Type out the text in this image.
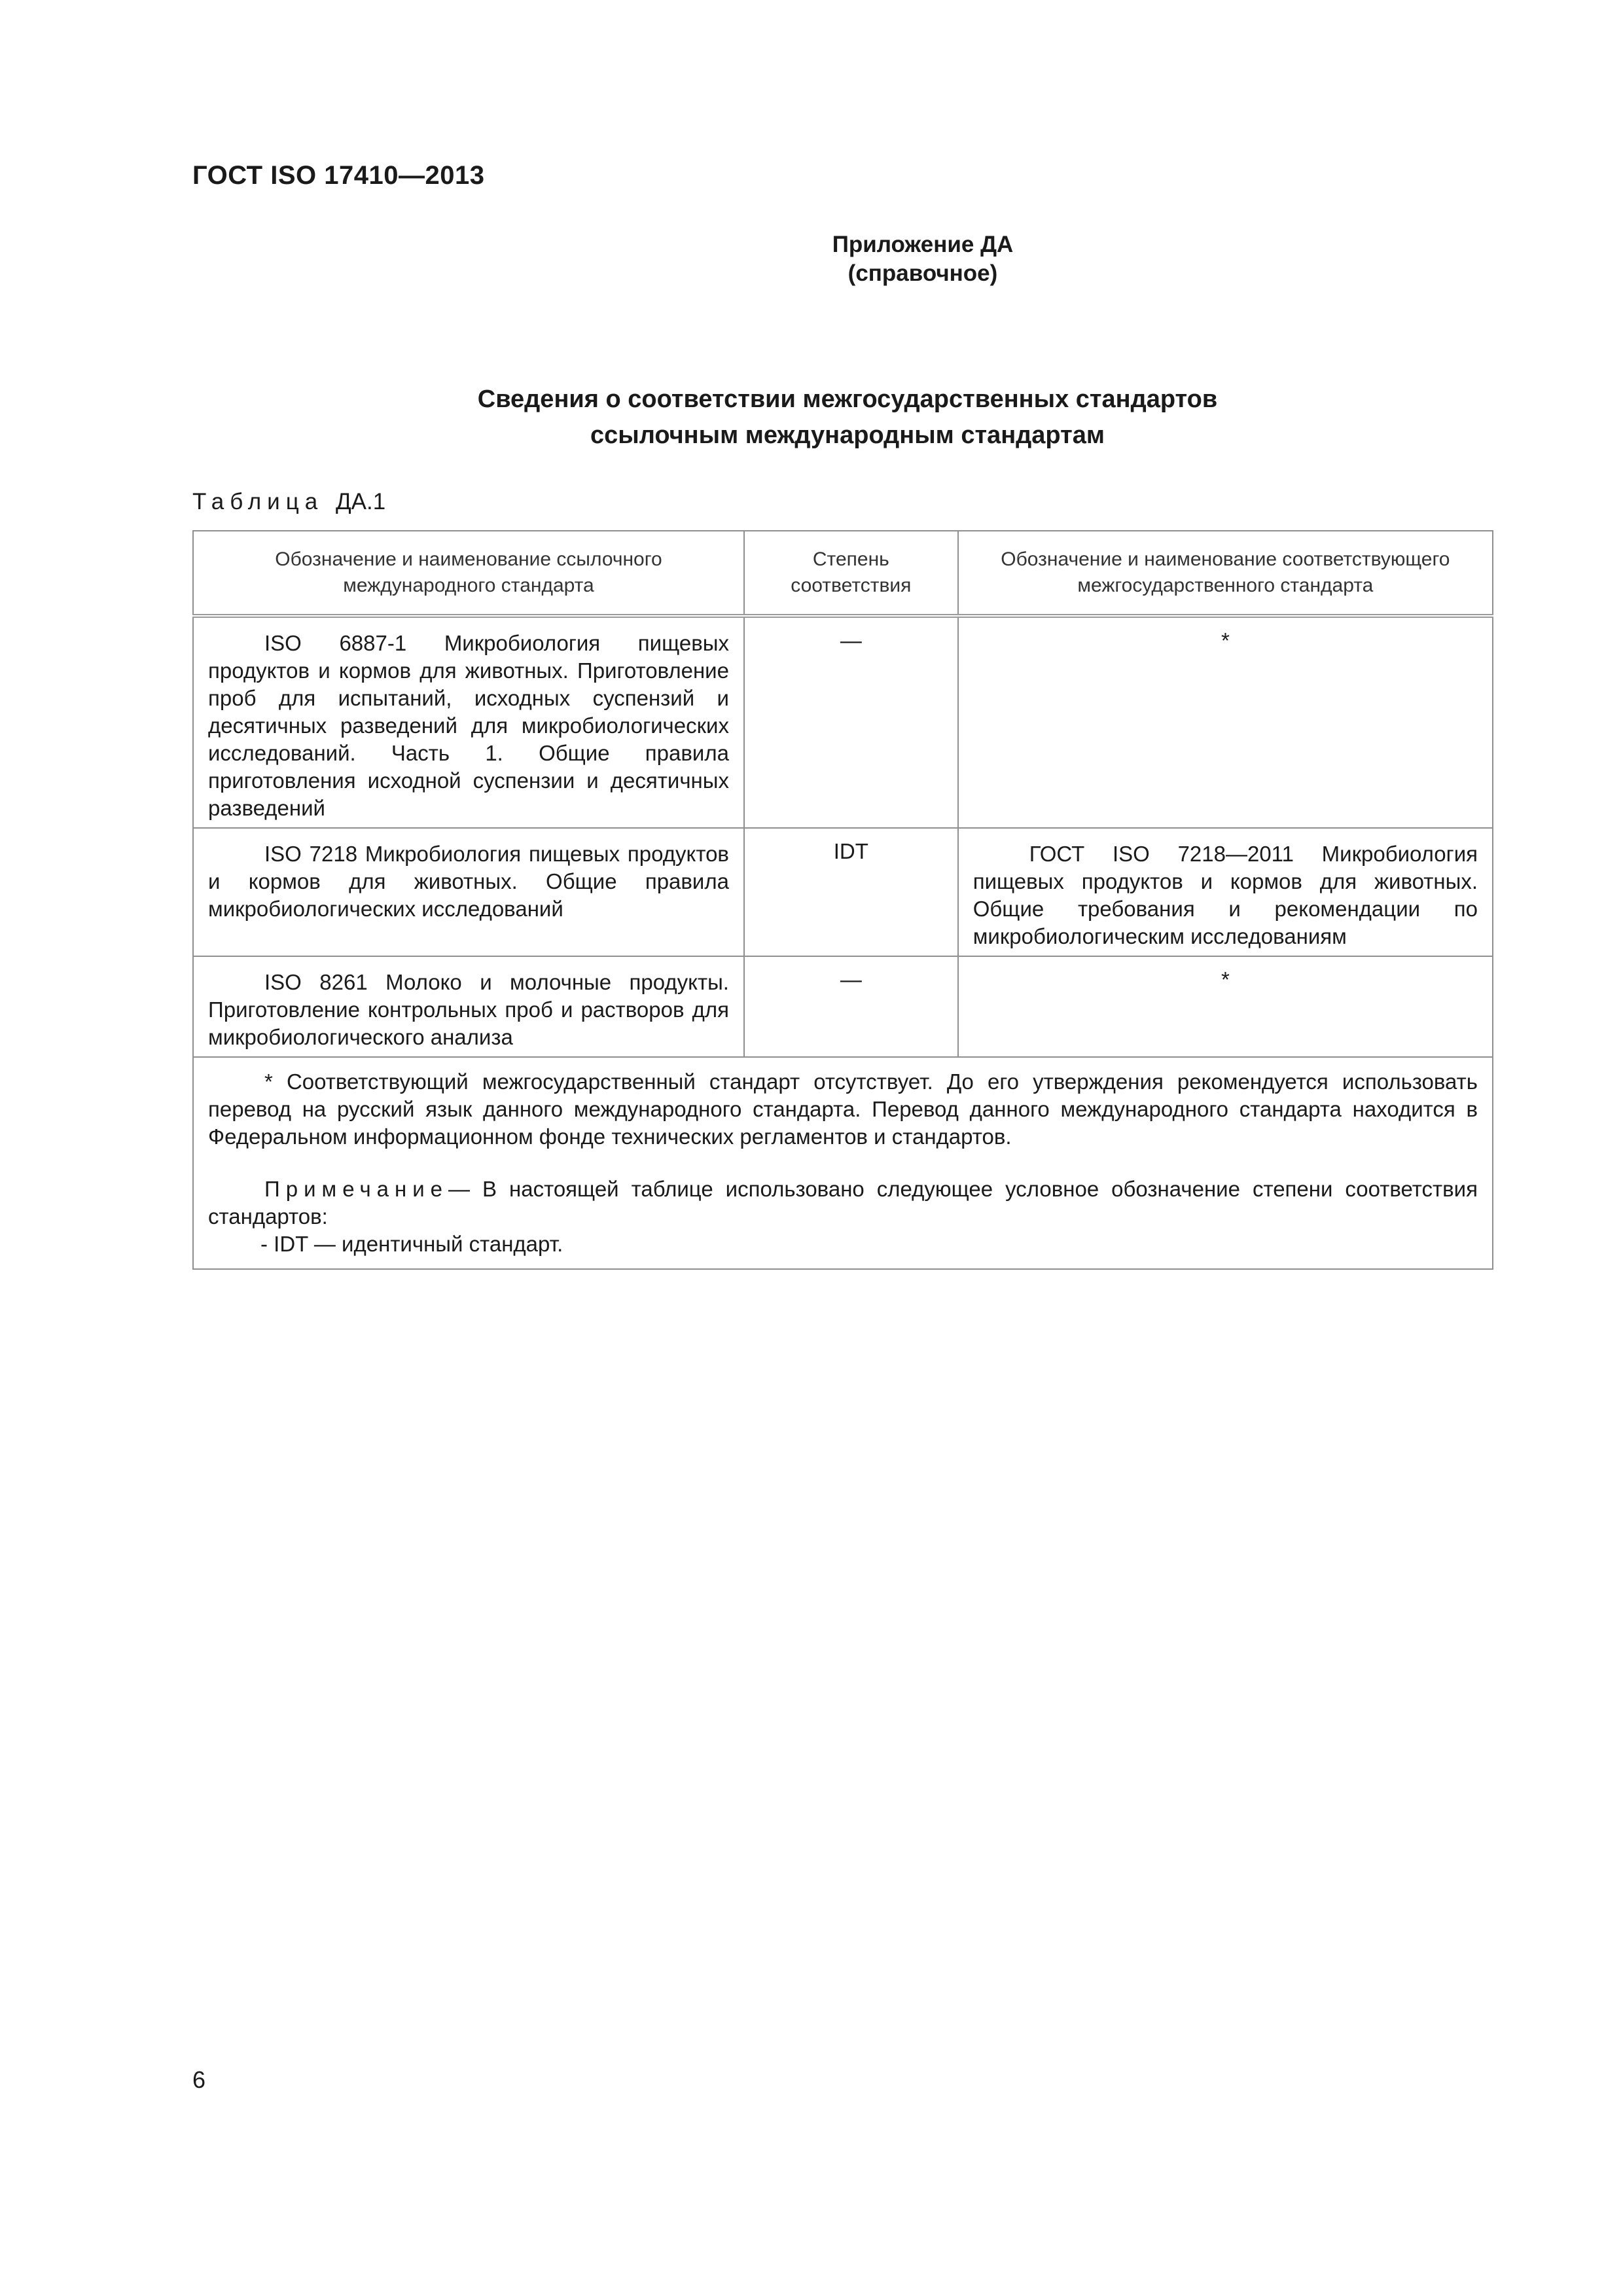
ГОСТ ISO 17410—2013
Приложение ДА
(справочное)
Сведения о соответствии межгосударственных стандартов
ссылочным международным стандартам
Таблица ДА.1
Обозначение и наименование ссылочного международного стандарта	Степень соответствия	Обозначение и наименование соответствующего межгосударственного стандарта

ISO 6887-1 Микробиология пищевых продуктов и кормов для животных. Приготовление проб для испытаний, исходных суспензий и десятичных разведений для микробиологических исследований. Часть 1. Общие правила приготовления исходной суспензии и десятичных разведений	—	*

ISO 7218 Микробиология пищевых продуктов и кормов для животных. Общие правила микробиологических исследований	IDT	ГОСТ ISO 7218—2011 Микробиология пищевых продуктов и кормов для животных. Общие требования и рекомендации по микробиологическим исследованиям

ISO 8261 Молоко и молочные продукты. Приготовление контрольных проб и растворов для микробиологического анализа	—	*

* Соответствующий межгосударственный стандарт отсутствует. До его утверждения рекомендуется использовать перевод на русский язык данного международного стандарта. Перевод данного международного стандарта находится в Федеральном информационном фонде технических регламентов и стандартов.
Примечание— В настоящей таблице использовано следующее условное обозначение степени соответствия стандартов:
- IDT — идентичный стандарт.		
6
